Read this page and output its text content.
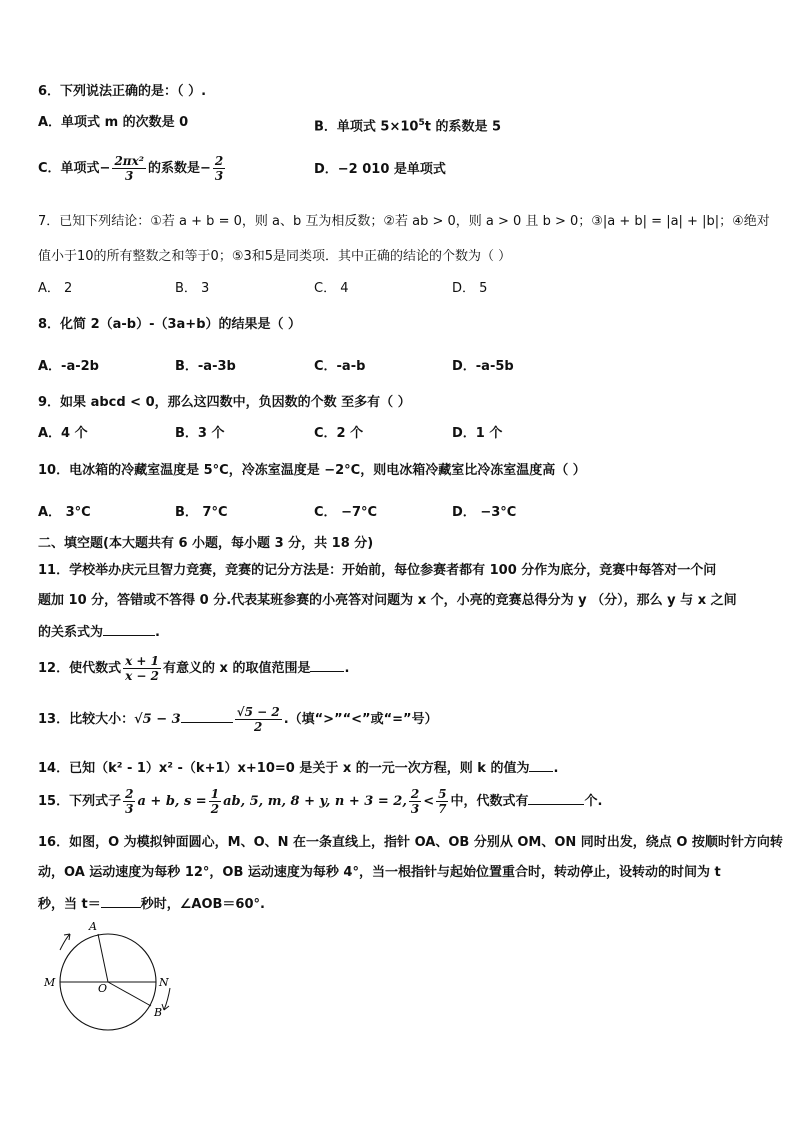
6．下列说法正确的是：（ ）.
A．单项式 m 的次数是 0	B．单项式 $5\times 10^5t$ 的系数是 5
C．单项式− $\frac{\text{2πx²}}{3}$ 的系数是− $\frac{2}{3}$	D．−2 010 是单项式
7．已知下列结论：①若 a + b = 0，则 a、b 互为相反数；②若 ab > 0，则 a > 0 且 b > 0；③|a + b| = |a| + |b|；④绝对
值小于10的所有整数之和等于0；⑤3和5是同类项．其中正确的结论的个数为（ ）
A． 2	B． 3	C． 4	D． 5
8．化简 2（a-b）-（3a+b）的结果是（ ）
A．-a-2b	B．-a-3b	C．-a-b	D．-a-5b
9．如果 abcd < 0，那么这四数中，负因数的个数 至多有（ ）
A．4 个	B．3 个	C．2 个	D．1 个
10．电冰箱的冷藏室温度是 5°C，冷冻室温度是 −2°C，则电冰箱冷藏室比冷冻室温度高（ ）
A． 3°C	B． 7°C	C． −7°C	D． −3°C
二、填空题(本大题共有 6 小题，每小题 3 分，共 18 分)
11．学校举办庆元旦智力竞赛，竞赛的记分方法是：开始前，每位参赛者都有 100 分作为底分，竞赛中每答对一个问
题加 10 分，答错或不答得 0 分.代表某班参赛的小亮答对问题为 x 个，小亮的竞赛总得分为 y （分），那么 y 与 x 之间
的关系式为	.
12．使代数式 $\frac{x + 1}{x - 2}$ 有意义的 x 的取值范围是	.
13．比较大小：√5 − 3	$\frac{√5 - 2}{2}$ .（填“>”“<”或“=”号）
14．已知（k² - 1）x² -（k+1）x+10=0 是关于 x 的一元一次方程，则 k 的值为 .
15．下列式子 $\frac{2}{3}$ a + b, $s = \frac{1}{2}$ ab, 5, m, 8 + y, n + 3 = 2, $\frac{2}{3} < \frac{5}{7}$ 中，代数式有	个.
16．如图，O 为模拟钟面圆心，M、O、N 在一条直线上，指针 OA、OB 分别从 OM、ON 同时出发，绕点 O 按顺时针方向转
动，OA 运动速度为每秒 12°，OB 运动速度为每秒 4°，当一根指针与起始位置重合时，转动停止，设转动的时间为 t
秒，当 t＝	秒时，∠AOB＝60°.
A
B
M	N
O
